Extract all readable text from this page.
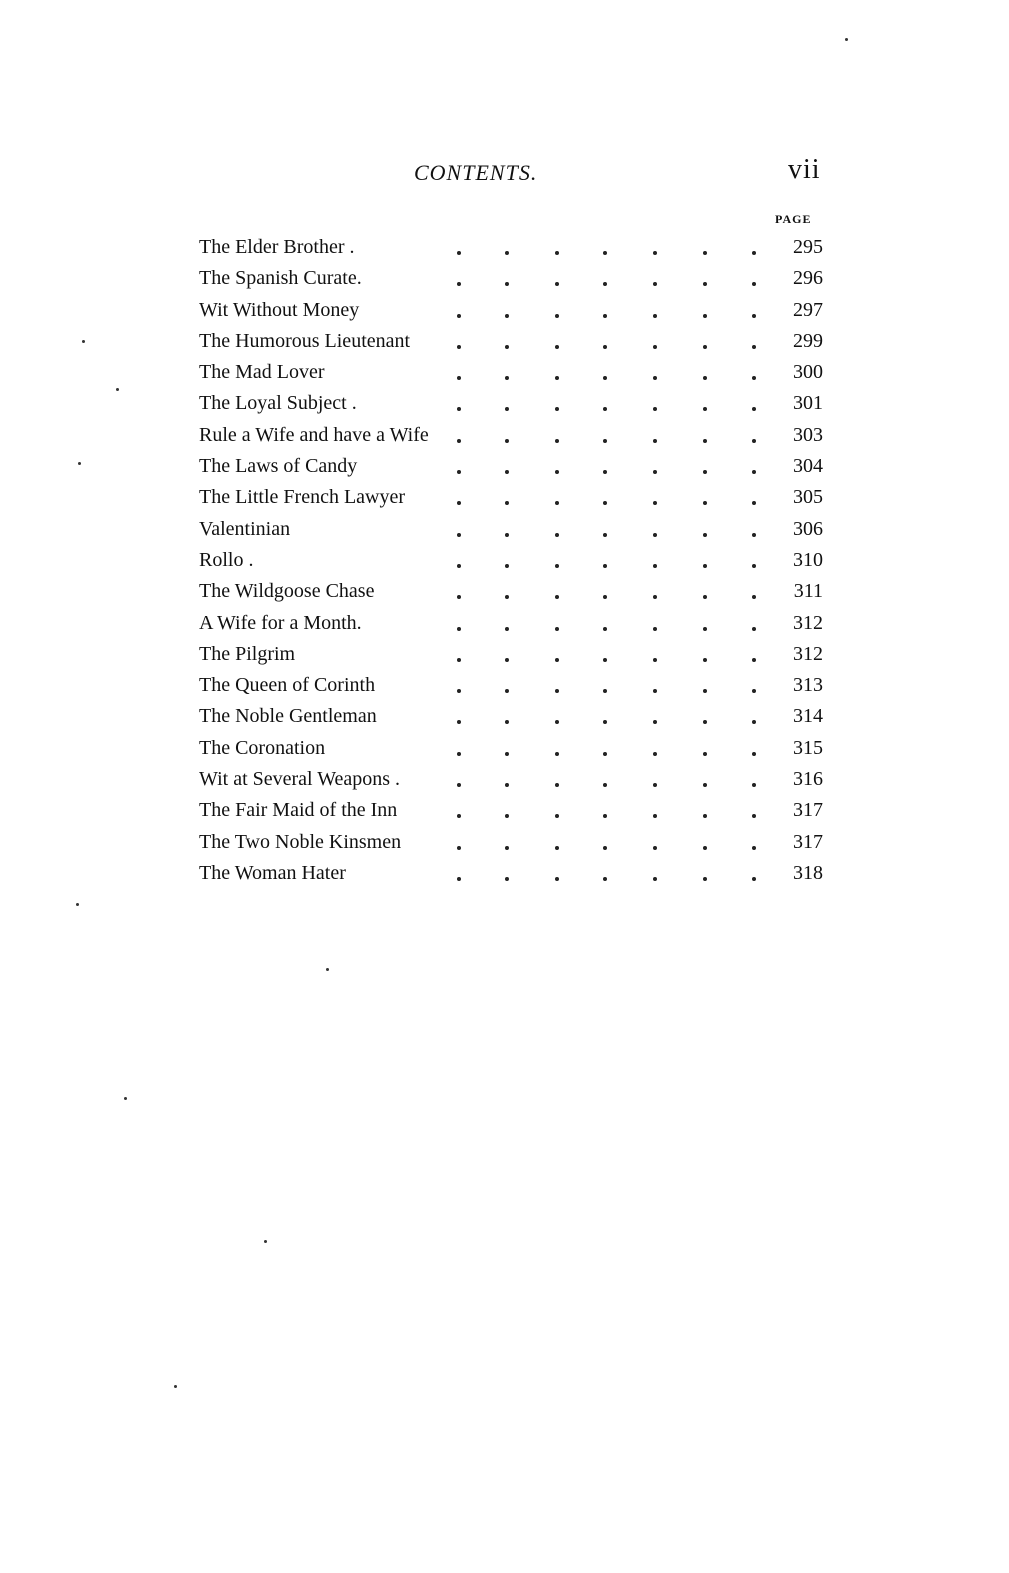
CONTENTS.	vii
PAGE
The Elder Brother .	295
The Spanish Curate.	296
Wit Without Money	297
The Humorous Lieutenant	299
The Mad Lover	300
The Loyal Subject .	301
Rule a Wife and have a Wife	303
The Laws of Candy	304
The Little French Lawyer	305
Valentinian	306
Rollo .	310
The Wildgoose Chase	311
A Wife for a Month.	312
The Pilgrim	312
The Queen of Corinth	313
The Noble Gentleman	314
The Coronation	315
Wit at Several Weapons .	316
The Fair Maid of the Inn	317
The Two Noble Kinsmen	317
The Woman Hater	318
